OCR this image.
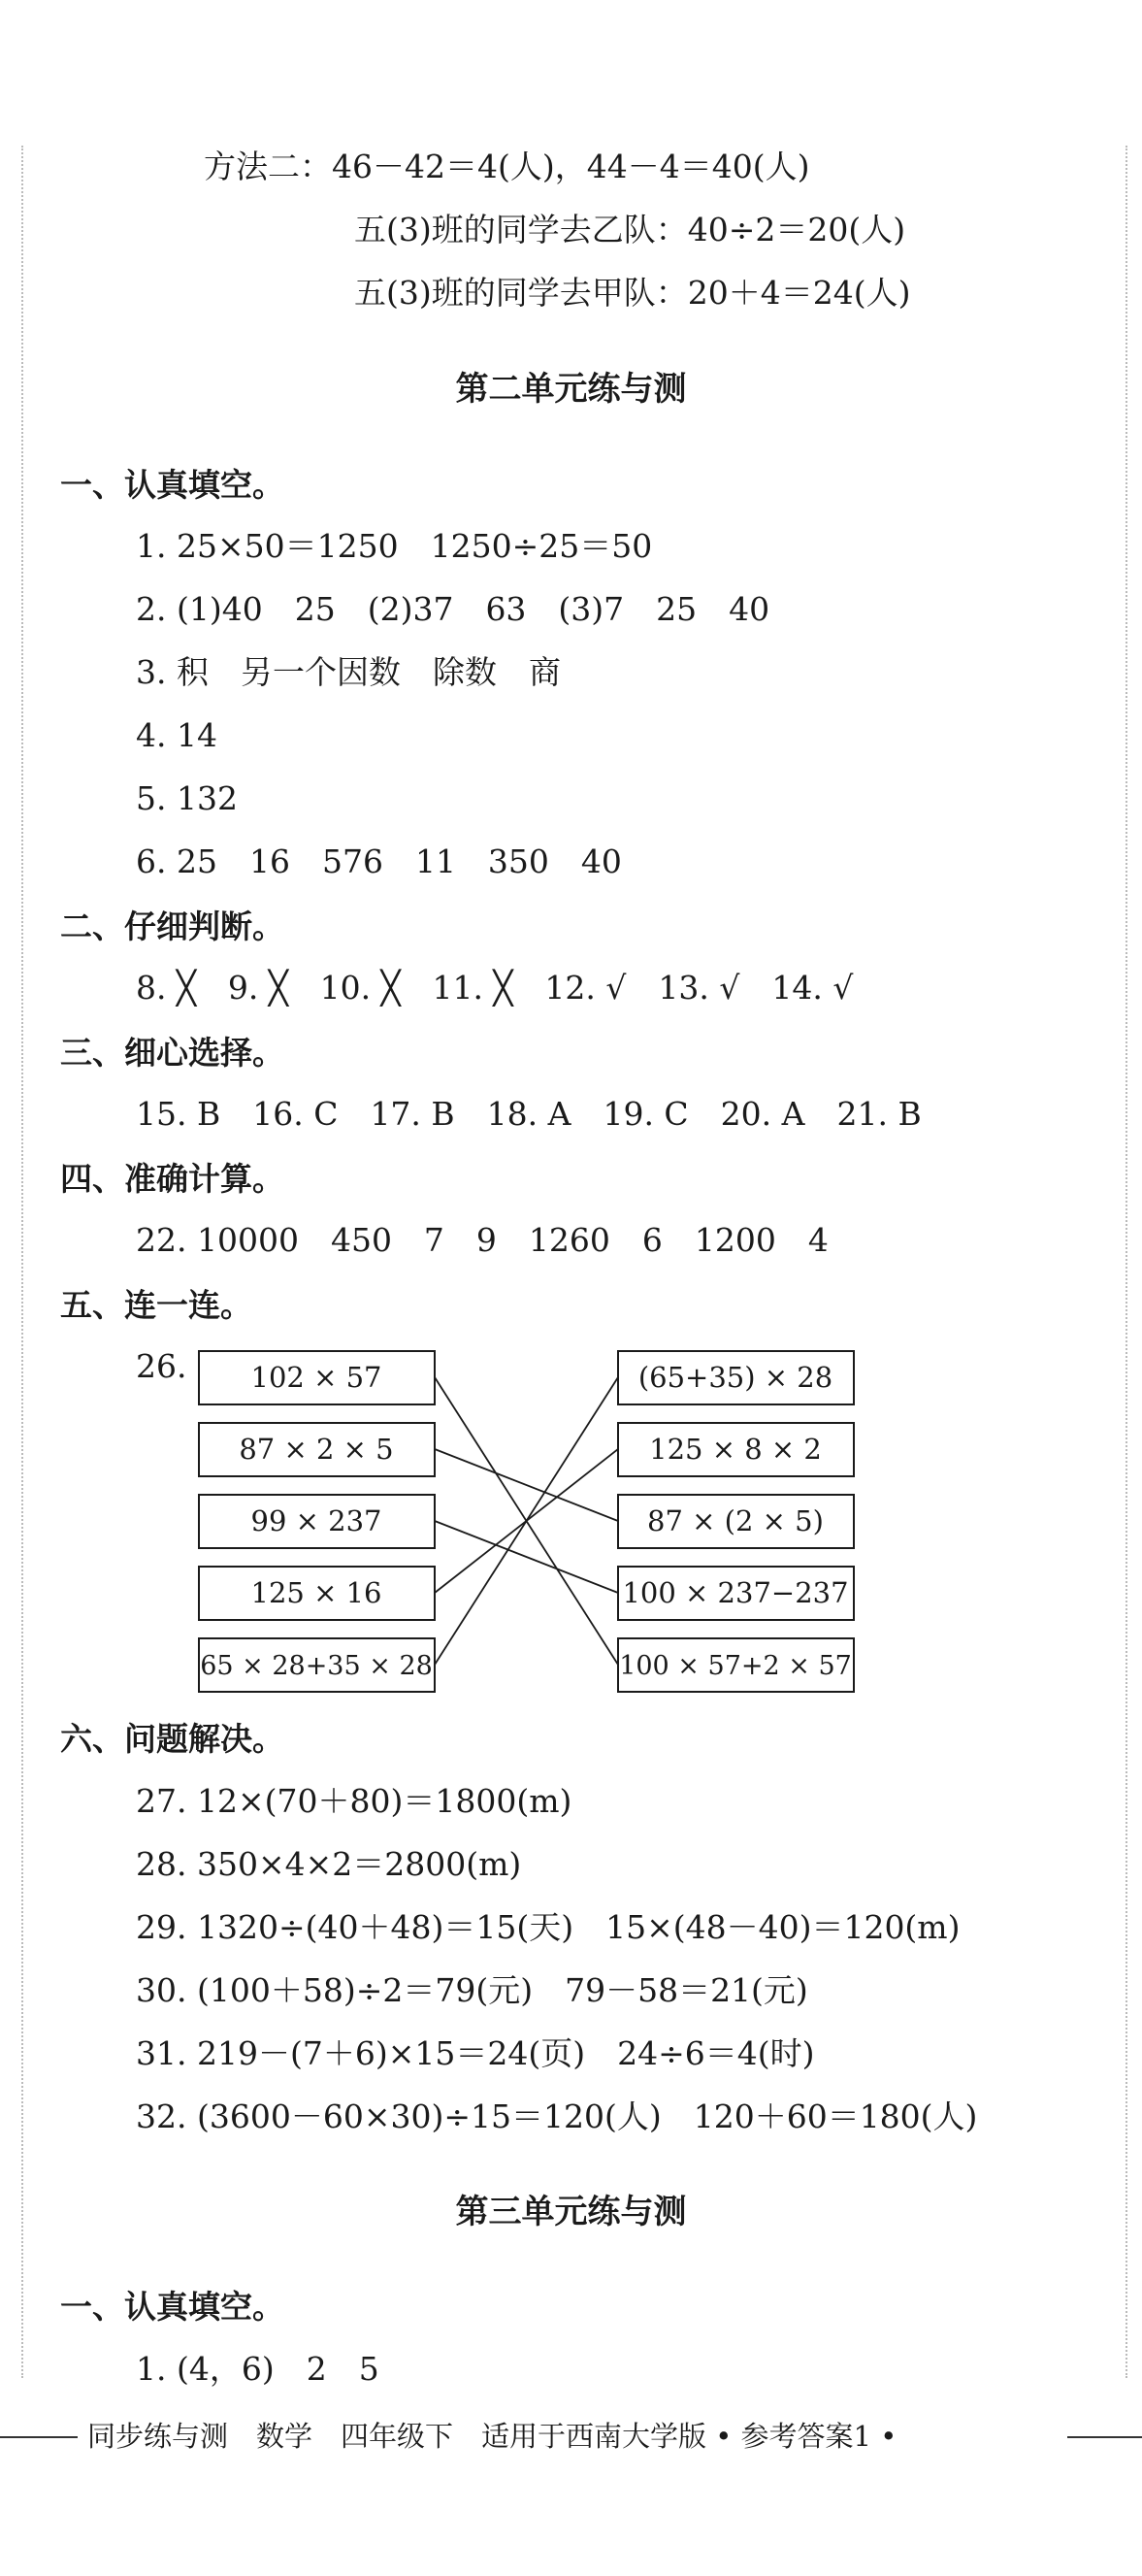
方法二：46－42＝4(人)，44－4＝40(人)
五(3)班的同学去乙队：40÷2＝20(人)
五(3)班的同学去甲队：20＋4＝24(人)
第二单元练与测
一、认真填空。
1. 25×50＝1250　1250÷25＝50
2. (1)40　25　(2)37　63　(3)7　25　40
3. 积　另一个因数　除数　商
4. 14
5. 132
6. 25　16　576　11　350　40
二、仔细判断。
8. ╳　9. ╳　10. ╳　11. ╳　12. √　13. √　14. √
三、细心选择。
15. B　16. C　17. B　18. A　19. C　20. A　21. B
四、准确计算。
22. 10000　450　7　9　1260　6　1200　4
五、连一连。
26. 102 × 57
87 × 2 × 5
99 × 237
125 × 16
65 × 28+35 × 28
(65+35) × 28
125 × 8 × 2
87 × (2 × 5)
100 × 237−237
100 × 57+2 × 57
六、问题解决。
27. 12×(70＋80)＝1800(m)
28. 350×4×2＝2800(m)
29. 1320÷(40＋48)＝15(天)　15×(48－40)＝120(m)
30. (100＋58)÷2＝79(元)　79－58＝21(元)
31. 219－(7＋6)×15＝24(页)　24÷6＝4(时)
32. (3600－60×30)÷15＝120(人)　120＋60＝180(人)
第三单元练与测
一、认真填空。
1. (4，6)　2　5
同步练与测　数学　四年级下　适用于西南大学版 • 参考答案1 •
